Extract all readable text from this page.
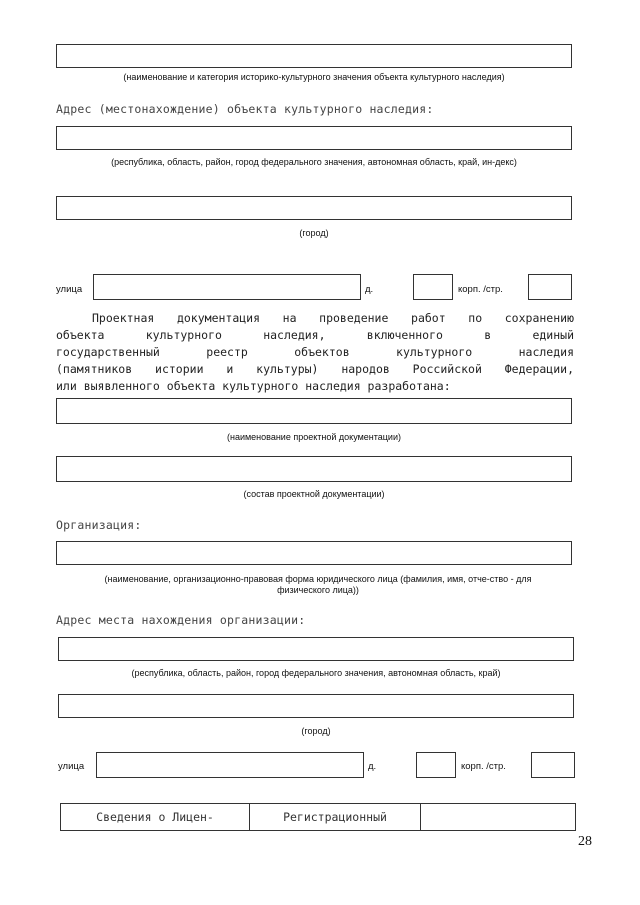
(наименование и категория историко-культурного значения объекта культурного наследия)
Адрес (местонахождение) объекта культурного наследия:
(республика, область, район, город федерального значения, автономная область, край, ин-декс)
(город)
улица	д.	корп. /стр.
Проектная документация на проведение работ по сохранению
объекта культурного наследия, включенного в единый
государственный реестр объектов культурного наследия
(памятников истории и культуры) народов Российской Федерации,
или выявленного объекта культурного наследия разработана:
(наименование проектной документации)
(состав проектной документации)
Организация:
(наименование, организационно-правовая форма юридического лица (фамилия, имя, отче-ство - для физического лица))
Адрес места нахождения организации:
(республика, область, район, город федерального значения, автономная область, край)
(город)
улица	д.	корп. /стр.
Сведения о Лицен-	Регистрационный
28
